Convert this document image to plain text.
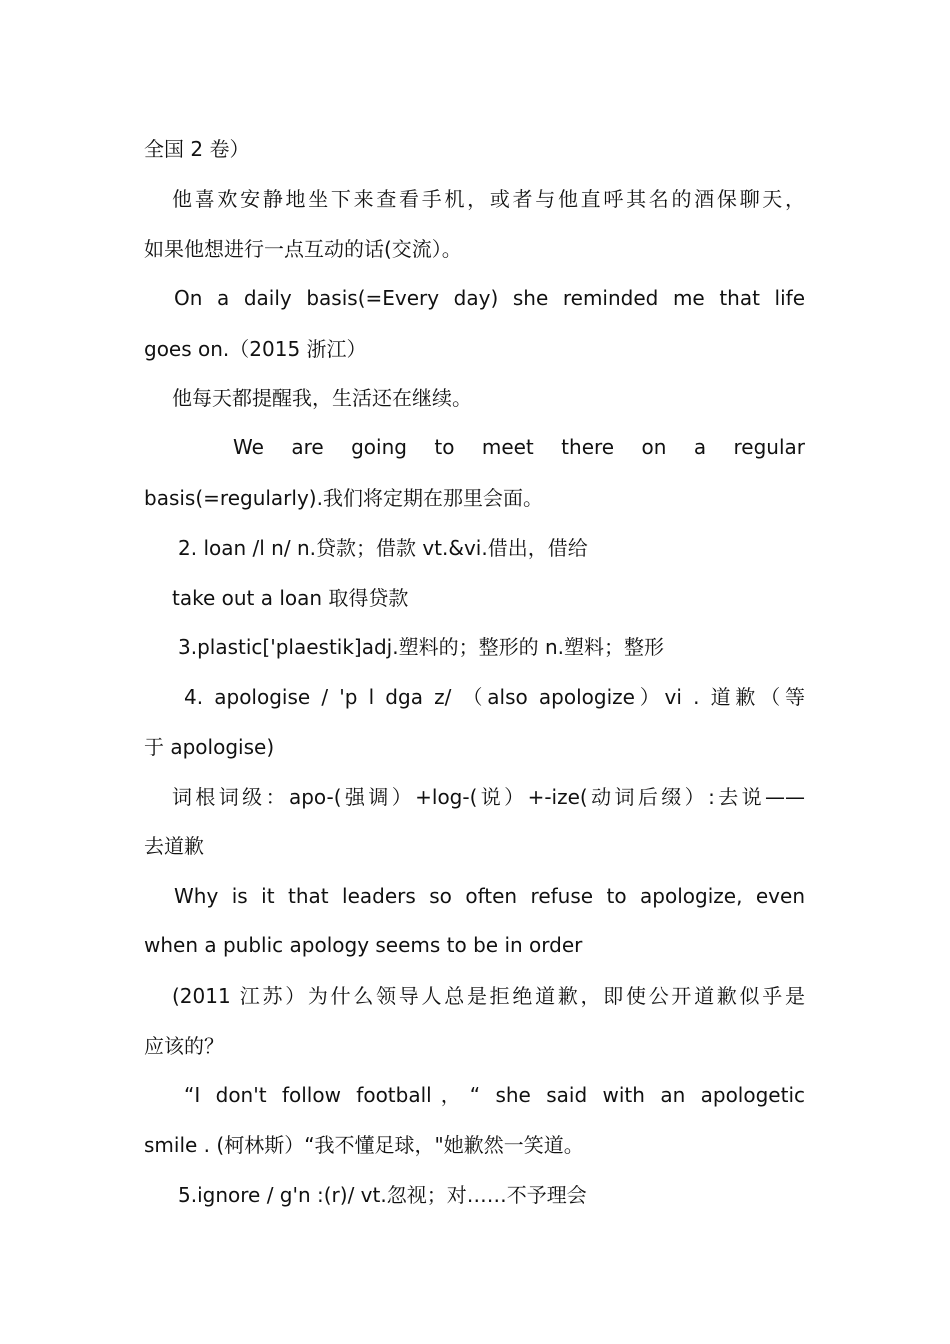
全国 2 卷）
他喜欢安静地坐下来查看手机，或者与他直呼其名的酒保聊天，
如果他想进行一点互动的话(交流）。
On a daily basis(=Every day) she reminded me that life
goes on.（2015 浙江）
他每天都提醒我，生活还在继续。
We are going to meet there on a regular
basis(=regularly).我们将定期在那里会面。
2. loan /l n/ n.贷款；借款 vt.&vi.借出，借给
take out a loan 取得贷款
3.plastic['plaestik]adj.塑料的；整形的 n.塑料；整形
4. apologise / 'p l dga z/ （also apologize）vi . 道歉（等
于 apologise)
词根词级：apo-(强调）+log-(说）+-ize(动词后缀）:去说——
去道歉
Why is it that leaders so often refuse to apologize, even
when a public apology seems to be in order
(2011 江苏）为什么领导人总是拒绝道歉，即使公开道歉似乎是
应该的？
“I don't follow football，“ she said with an apologetic
smile . (柯林斯）“我不懂足球，"她歉然一笑道。
5.ignore / g'n :(r)/ vt.忽视；对……不予理会
